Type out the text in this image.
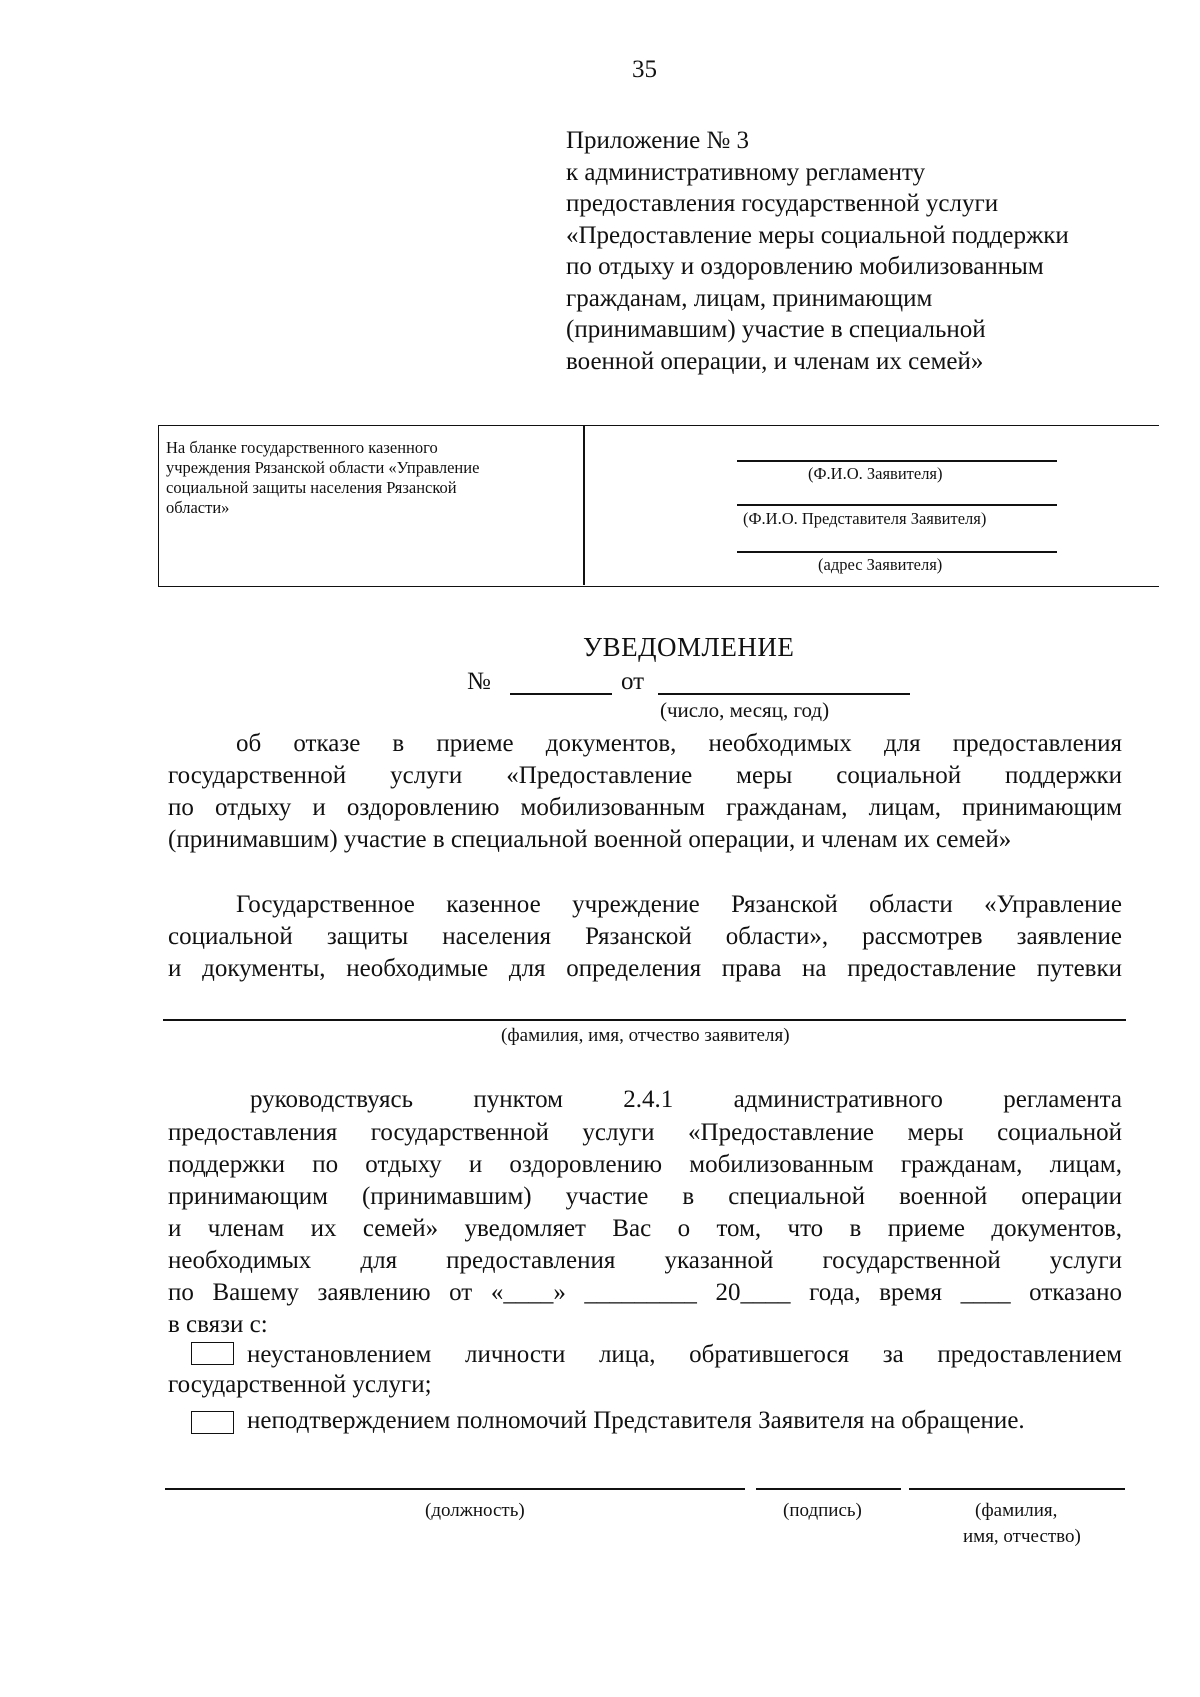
35
Приложение № 3
к административному регламенту
предоставления государственной услуги
«Предоставление меры социальной поддержки
по отдыху и оздоровлению мобилизованным
гражданам, лицам, принимающим
(принимавшим) участие в специальной
военной операции, и членам их семей»
На бланке государственного казенного
учреждения Рязанской области «Управление
социальной защиты населения Рязанской
области»
(Ф.И.О. Заявителя)
(Ф.И.О. Представителя Заявителя)
(адрес Заявителя)
УВЕДОМЛЕНИЕ
№	от
(число, месяц, год)
об отказе в приеме документов, необходимых для предоставления
государственной услуги «Предоставление меры социальной поддержки
по отдыху и оздоровлению мобилизованным гражданам, лицам, принимающим
(принимавшим) участие в специальной военной операции, и членам их семей»
Государственное казенное учреждение Рязанской области «Управление
социальной защиты населения Рязанской области», рассмотрев заявление
и документы, необходимые для определения права на предоставление путевки
(фамилия, имя, отчество заявителя)
руководствуясь пунктом 2.4.1 административного регламента
предоставления государственной услуги «Предоставление меры социальной
поддержки по отдыху и оздоровлению мобилизованным гражданам, лицам,
принимающим (принимавшим) участие в специальной военной операции
и членам их семей» уведомляет Вас о том, что в приеме документов,
необходимых для предоставления указанной государственной услуги
по Вашему заявлению от «____» _________ 20____ года, время ____ отказано
в связи с:
неустановлением личности лица, обратившегося за предоставлением
государственной услуги;
неподтверждением полномочий Представителя Заявителя на обращение.
(должность)	(подпись)	(фамилия,
имя, отчество)
